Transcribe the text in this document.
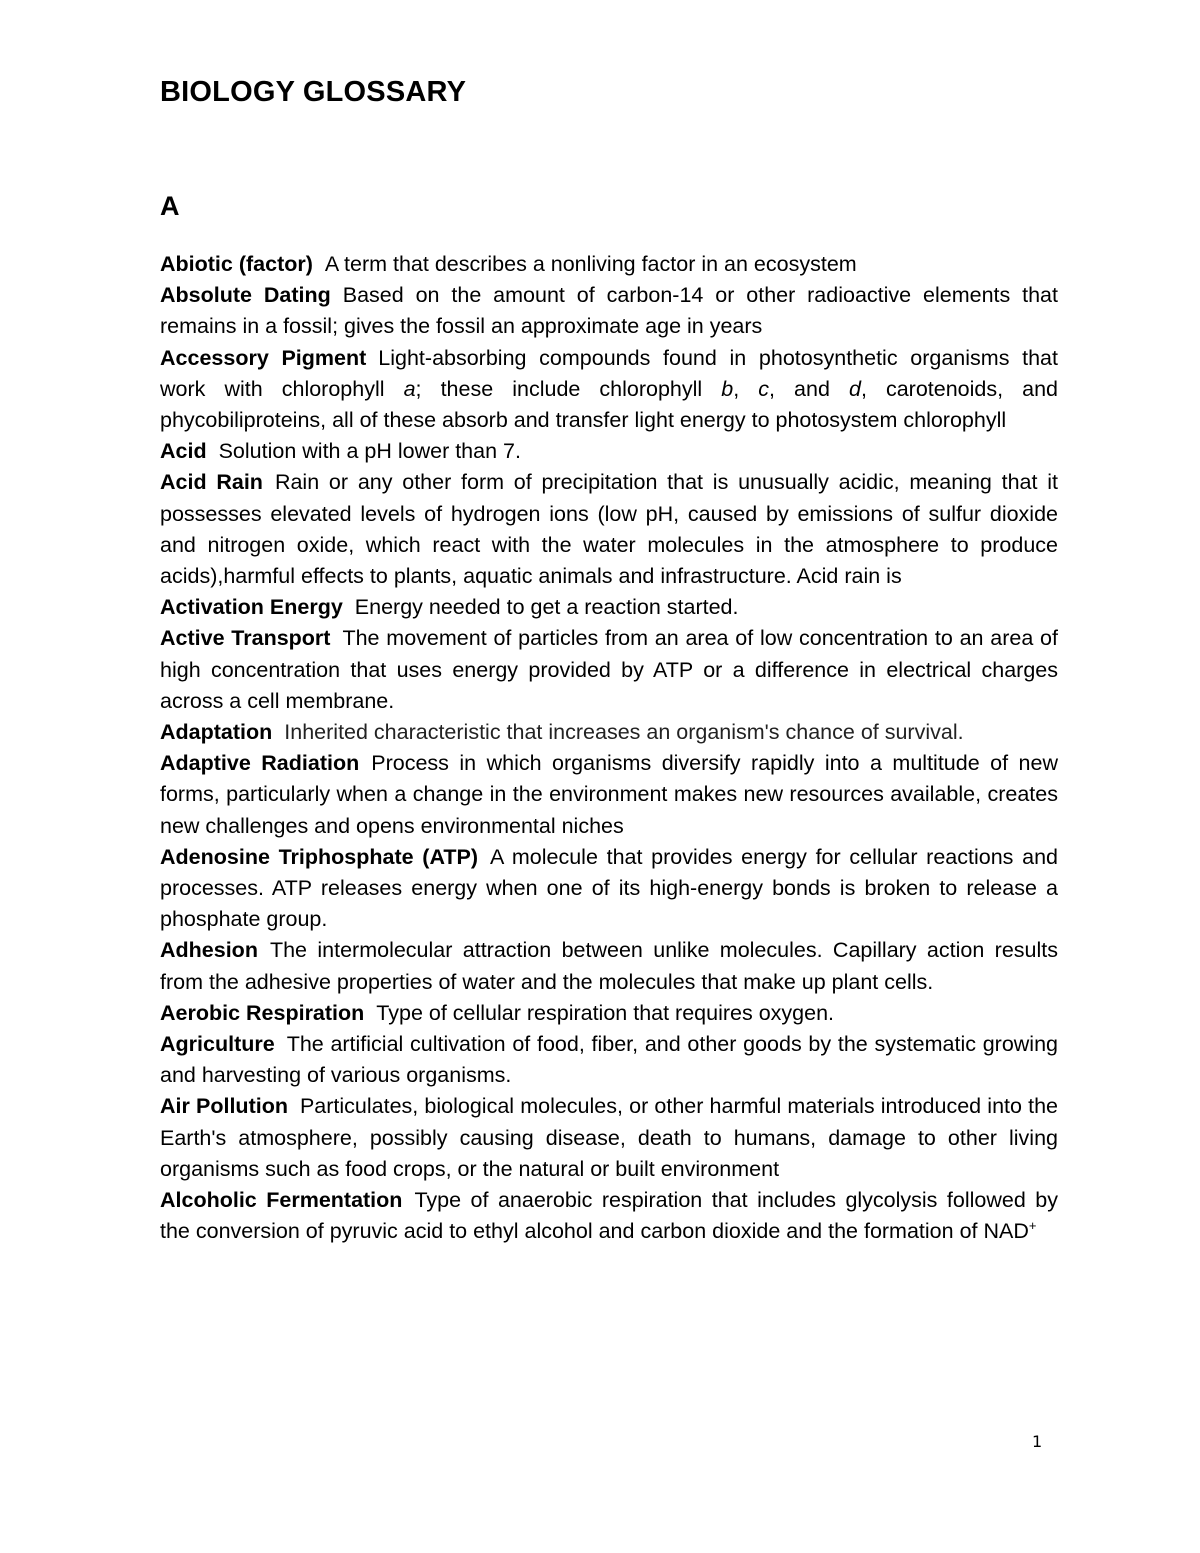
BIOLOGY GLOSSARY
A

Abiotic (factor) A term that describes a nonliving factor in an ecosystem

Absolute Dating Based on the amount of carbon-14 or other radioactive elements that remains in a fossil; gives the fossil an approximate age in years

Accessory Pigment Light-absorbing compounds found in photosynthetic organisms that work with chlorophyll a; these include chlorophyll b, c, and d, carotenoids, and phycobiliproteins, all of these absorb and transfer light energy to photosystem chlorophyll

Acid Solution with a pH lower than 7.

Acid Rain Rain or any other form of precipitation that is unusually acidic, meaning that it possesses elevated levels of hydrogen ions (low pH, caused by emissions of sulfur dioxide and nitrogen oxide, which react with the water molecules in the atmosphere to produce acids),harmful effects to plants, aquatic animals and infrastructure. Acid rain is

Activation Energy Energy needed to get a reaction started.

Active Transport The movement of particles from an area of low concentration to an area of high concentration that uses energy provided by ATP or a difference in electrical charges across a cell membrane.

Adaptation Inherited characteristic that increases an organism's chance of survival.

Adaptive Radiation Process in which organisms diversify rapidly into a multitude of new forms, particularly when a change in the environment makes new resources available, creates new challenges and opens environmental niches

Adenosine Triphosphate (ATP) A molecule that provides energy for cellular reactions and processes. ATP releases energy when one of its high-energy bonds is broken to release a phosphate group.

Adhesion The intermolecular attraction between unlike molecules. Capillary action results from the adhesive properties of water and the molecules that make up plant cells.

Aerobic Respiration Type of cellular respiration that requires oxygen.

Agriculture The artificial cultivation of food, fiber, and other goods by the systematic growing and harvesting of various organisms.

Air Pollution Particulates, biological molecules, or other harmful materials introduced into the Earth's atmosphere, possibly causing disease, death to humans, damage to other living organisms such as food crops, or the natural or built environment

Alcoholic Fermentation Type of anaerobic respiration that includes glycolysis followed by the conversion of pyruvic acid to ethyl alcohol and carbon dioxide and the formation of NAD+

1
